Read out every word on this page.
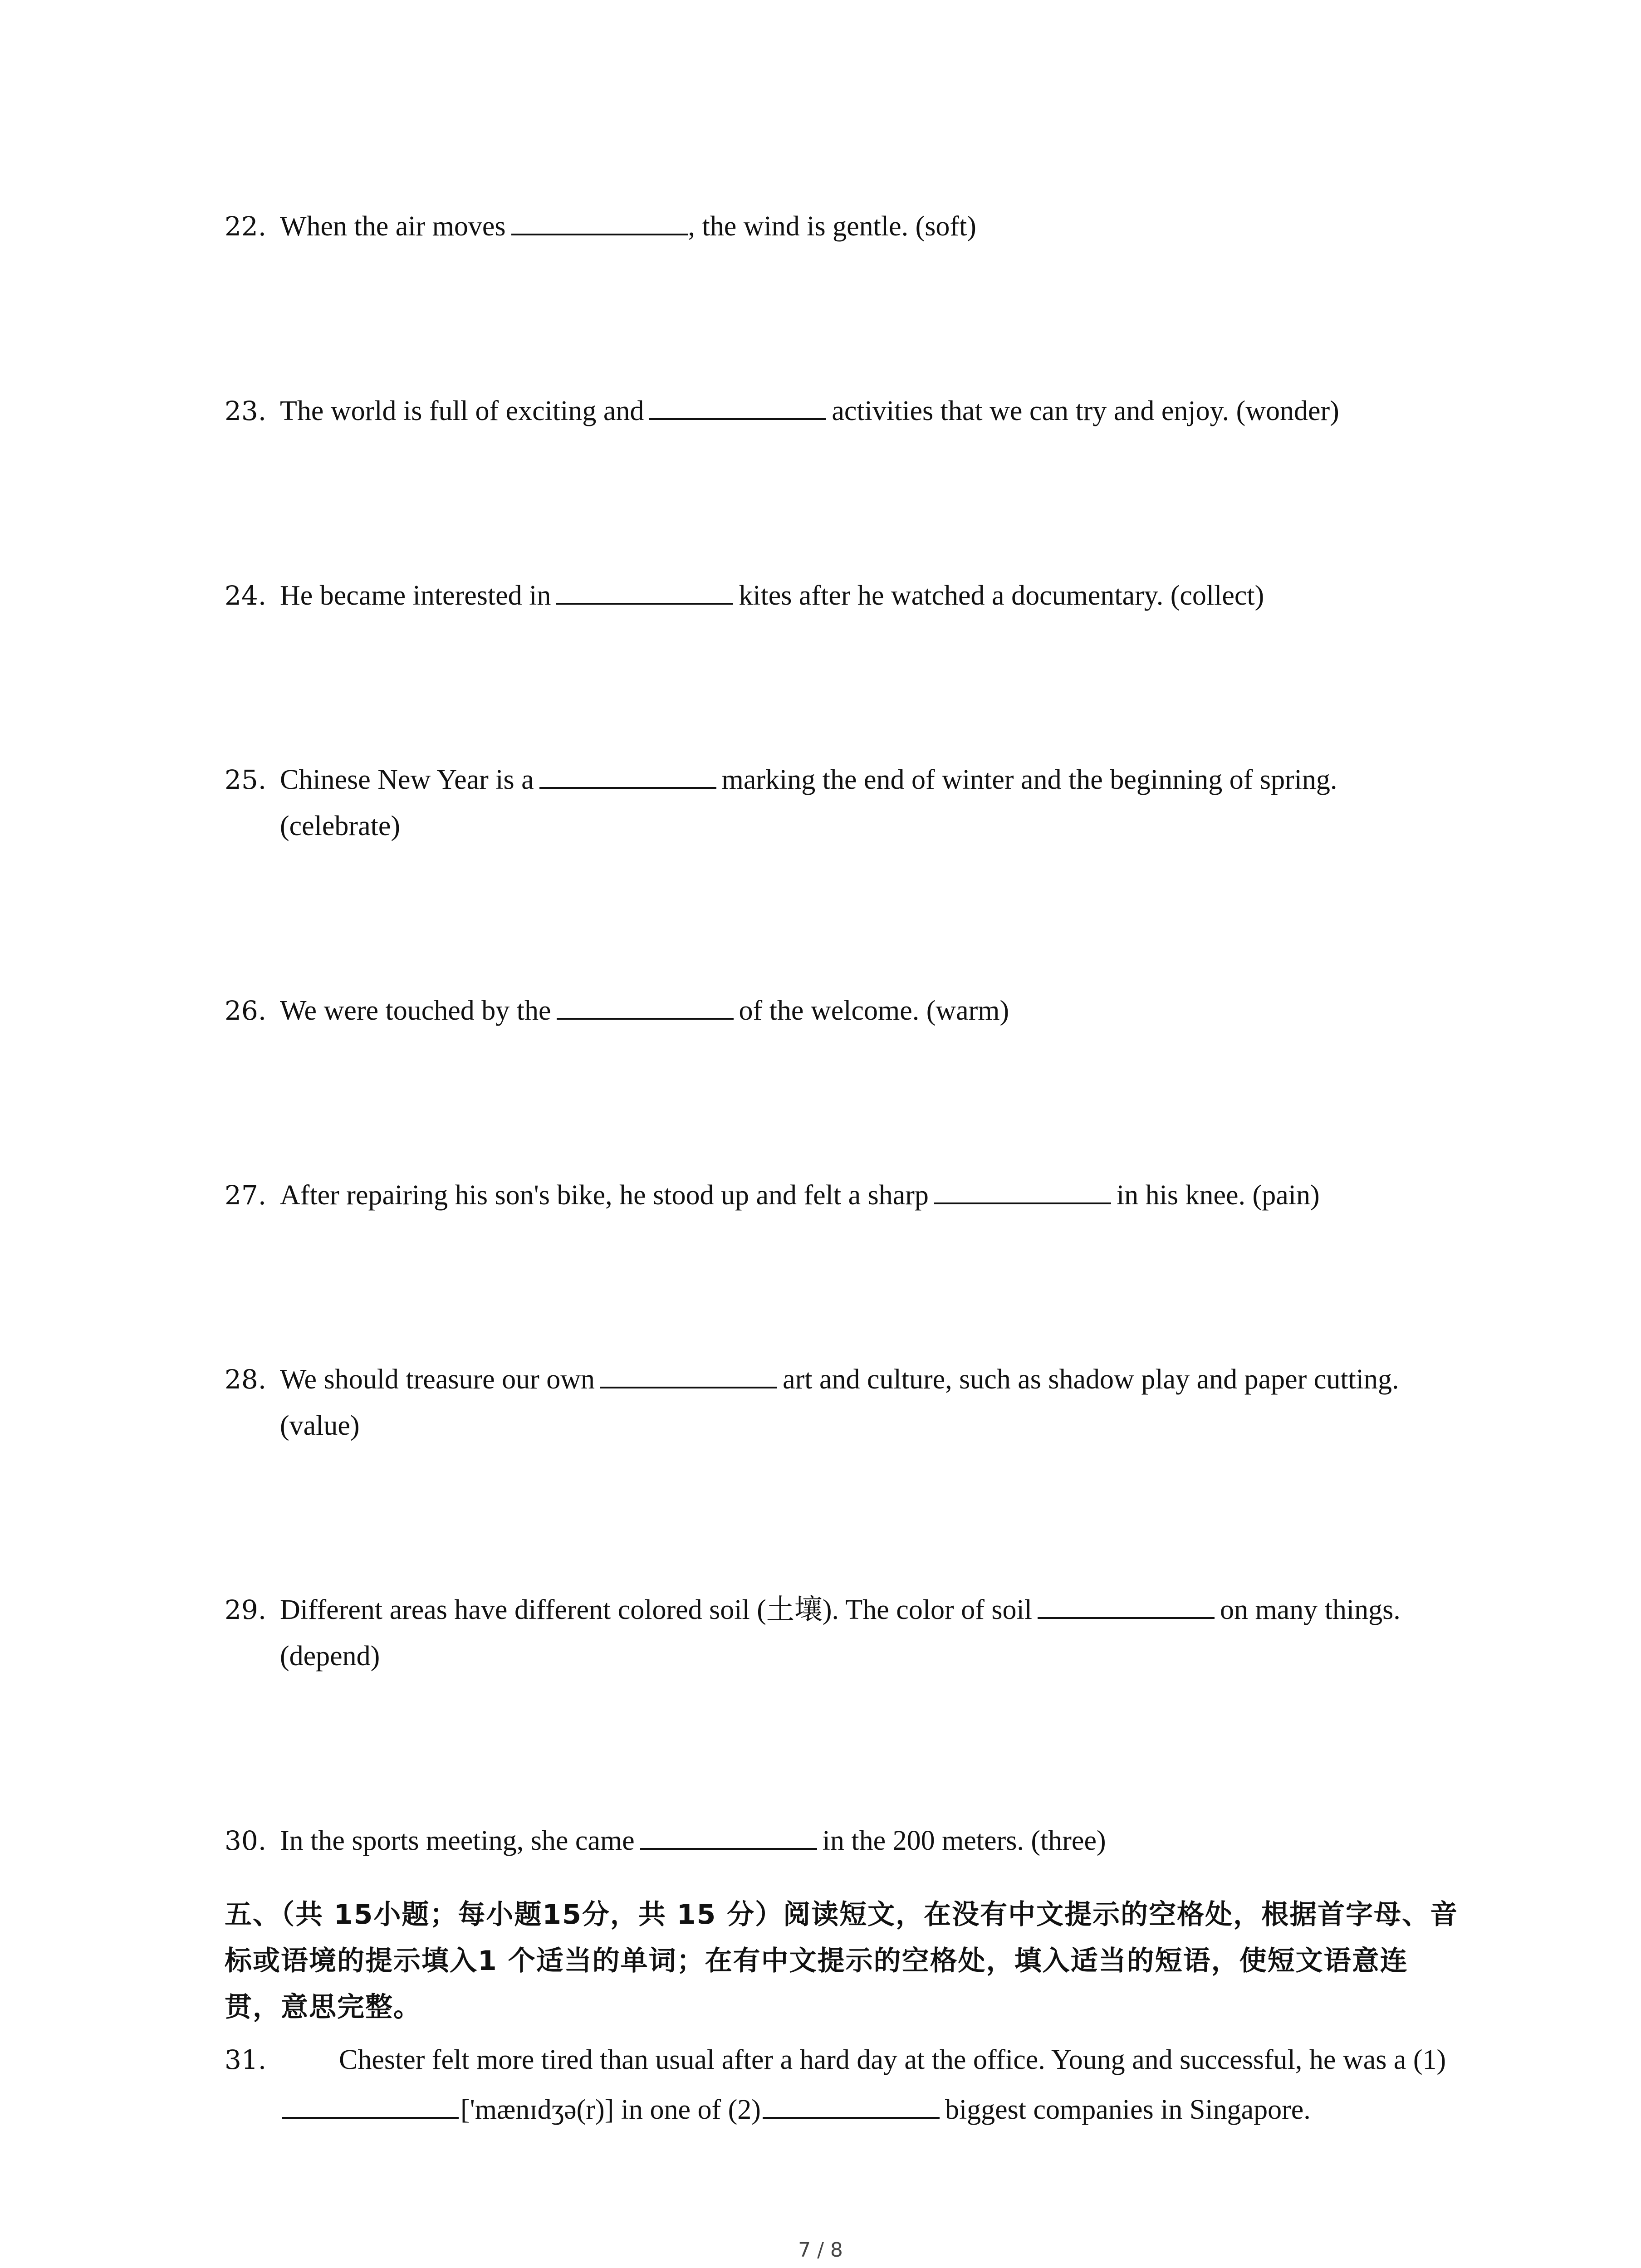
22. When the air moves	, the wind is gentle. (soft)
23. The world is full of exciting and	activities that we can try and enjoy. (wonder)
24. He became interested in	kites after he watched a documentary. (collect)
25. Chinese New Year is a	marking the end of winter and the beginning of spring. (celebrate)
26. We were touched by the	of the welcome. (warm)
27. After repairing his son's bike, he stood up and felt a sharp	in his knee. (pain)
28. We should treasure our own	art and culture, such as shadow play and paper cutting. (value)
29. Different areas have different colored soil (土壤). The color of soil	on many things. (depend)
30. In the sports meeting, she came	in the 200 meters. (three)
五、（共 15小题；每小题15分，共 15 分）阅读短文，在没有中文提示的空格处，根据首字母、音标或语境的提示填入1 个适当的单词；在有中文提示的空格处，填入适当的短语，使短文语意连贯，意思完整。
31.	Chester felt more tired than usual after a hard day at the office. Young and successful, he was a (1)['mænɪdʒə(r)] in one of (2)	biggest companies in Singapore.
7 / 8
